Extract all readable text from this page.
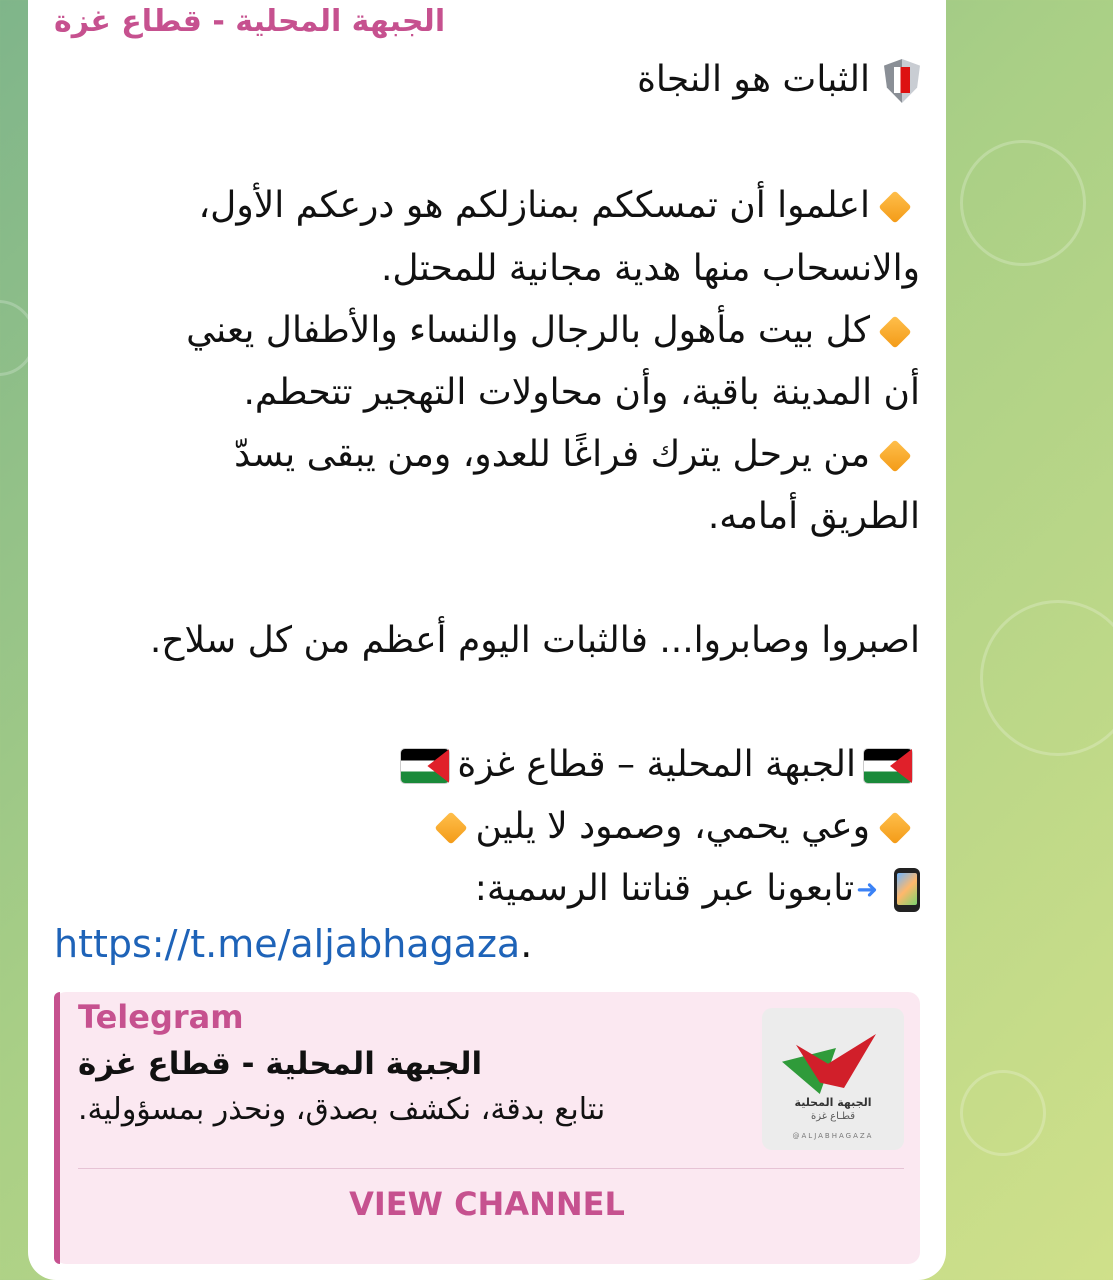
الجبهة المحلية - قطاع غزة
الثبات هو النجاة
اعلموا أن تمسككم بمنازلكم هو درعكم الأول،
والانسحاب منها هدية مجانية للمحتل.
كل بيت مأهول بالرجال والنساء والأطفال يعني
أن المدينة باقية، وأن محاولات التهجير تتحطم.
من يرحل يترك فراغًا للعدو، ومن يبقى يسدّ
الطريق أمامه.
اصبروا وصابروا... فالثبات اليوم أعظم من كل سلاح.
الجبهة المحلية – قطاع غزة
وعي يحمي، وصمود لا يلين
➜تابعونا عبر قناتنا الرسمية:
https://t.me/aljabhagaza.
Telegram
الجبهة المحلية - قطاع غزة
نتابع بدقة، نكشف بصدق، ونحذر بمسؤولية.	الجبهة المحلية
قطـاع غزة
@ALJABHAGAZA
VIEW CHANNEL
